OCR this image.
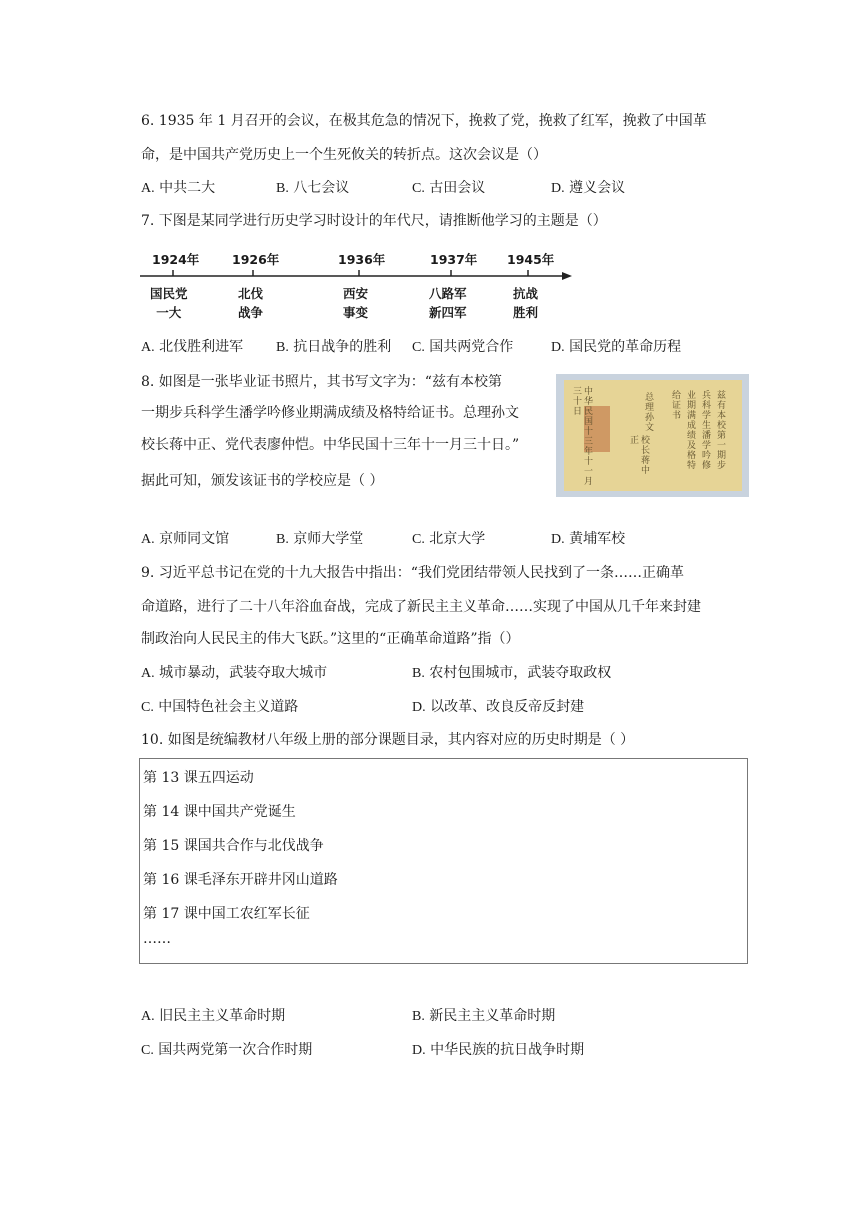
6. 1935 年 1 月召开的会议，在极其危急的情况下，挽救了党，挽救了红军，挽救了中国革
命，是中国共产党历史上一个生死攸关的转折点。这次会议是（）
A. 中共二大	B. 八七会议	C. 古田会议	D. 遵义会议
7. 下图是某同学进行历史学习时设计的年代尺，请推断他学习的主题是（）
1924年	1926年	1936年	1937年 1945年
国民党
一大
北伐
战争
西安
事变
八路军
新四军
抗战
胜利
A. 北伐胜利进军 B. 抗日战争的胜利 C. 国共两党合作	D. 国民党的革命历程
8. 如图是一张毕业证书照片，其书写文字为：“兹有本校第
一期步兵科学生潘学吟修业期满成绩及格特给证书。总理孙文
校长蒋中正、党代表廖仲恺。中华民国十三年十一月三十日。”
据此可知，颁发该证书的学校应是（ ）
兹有本校第一期步
兵科学生潘学吟修
业期满成绩及格特
给证书
总理孙文
校长蒋中正
中华民国十三年十一月三十日
A. 京师同文馆	B. 京师大学堂	C. 北京大学	D. 黄埔军校
9. 习近平总书记在党的十九大报告中指出：“我们党团结带领人民找到了一条……正确革
命道路，进行了二十八年浴血奋战，完成了新民主主义革命……实现了中国从几千年来封建
制政治向人民民主的伟大飞跃。”这里的“正确革命道路”指（）
A. 城市暴动，武装夺取大城市	B. 农村包围城市，武装夺取政权
C. 中国特色社会主义道路	D. 以改革、改良反帝反封建
10. 如图是统编教材八年级上册的部分课题目录，其内容对应的历史时期是（ ）
第 13 课五四运动
第 14 课中国共产党诞生
第 15 课国共合作与北伐战争
第 16 课毛泽东开辟井冈山道路
第 17 课中国工农红军长征
……
A. 旧民主主义革命时期	B. 新民主主义革命时期
C. 国共两党第一次合作时期	D. 中华民族的抗日战争时期
